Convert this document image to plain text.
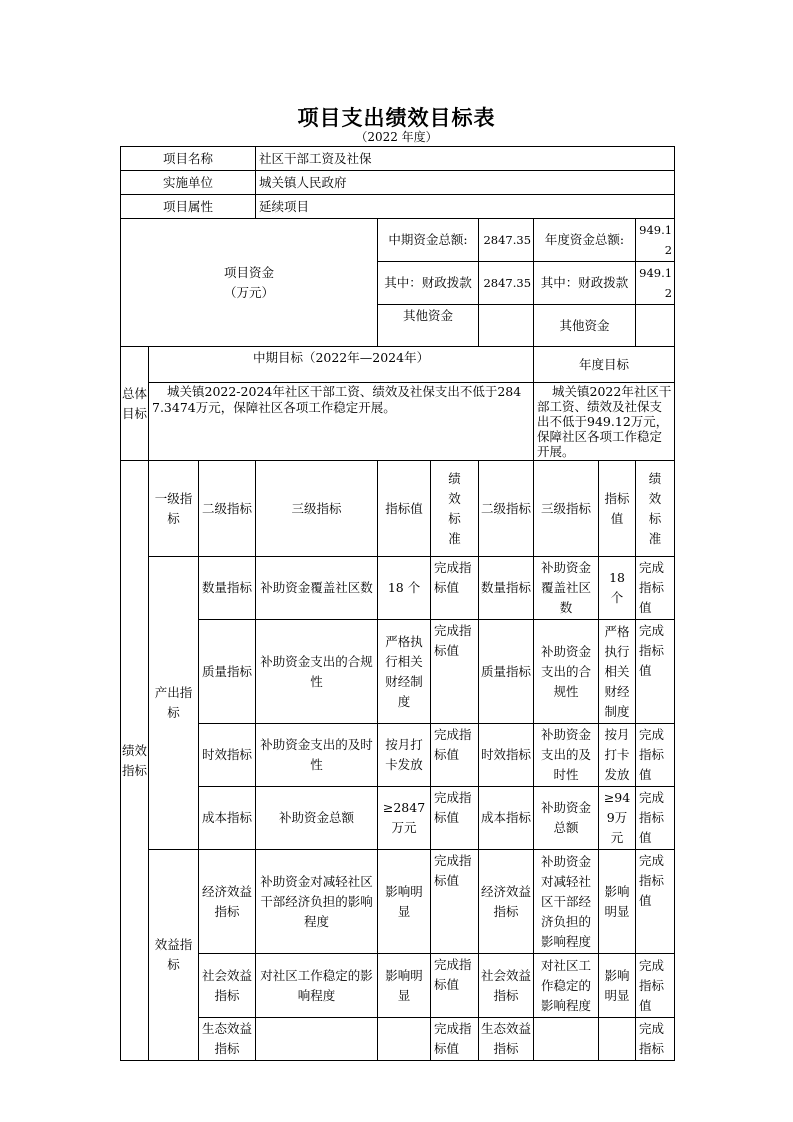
项目支出绩效目标表
（2022 年度）
项目名称			社区干部工资及社保						
实施单位			城关镇人民政府						
项目属性			延续项目						

项目资金
（万元）				中期资金总额:		2847.35	年度资金总额:		949.12
				其中：财政拨款		2847.35	其中：财政拨款		949.12
				其他资金			其他资金		
总体目标	中期目标（2022年—2024年）						年度目标		
	城关镇2022-2024年社区干部工资、绩效及社保支出不低于2847.3474万元，保障社区各项工作稳定开展。						城关镇2022年社区干部工资、绩效及社保支出不低于949.12万元，保障社区各项工作稳定开展。		
绩效指标	一级指标	二级指标	三级指标	指标值	绩效标准	二级指标	三级指标	指标值	绩效标准
	产出指标	数量指标	补助资金覆盖社区数	18 个	完成指标值	数量指标	补助资金覆盖社区数	18 个	完成指标值
		质量指标	补助资金支出的合规性	严格执行相关财经制度	完成指标值	质量指标	补助资金支出的合规性	严格执行相关财经制度	完成指标值
		时效指标	补助资金支出的及时性	按月打卡发放	完成指标值	时效指标	补助资金支出的及时性	按月打卡发放	完成指标值
		成本指标	补助资金总额	≥2847万元	完成指标值	成本指标	补助资金总额	≥949万元	完成指标值
	效益指标	经济效益指标	补助资金对减轻社区干部经济负担的影响程度	影响明显	完成指标值	经济效益指标	补助资金对减轻社区干部经济负担的影响程度	影响明显	完成指标值
		社会效益指标	对社区工作稳定的影响程度	影响明显	完成指标值	社会效益指标	对社区工作稳定的影响程度	影响明显	完成指标值
		生态效益指标			完成指标值	生态效益指标			完成指标
